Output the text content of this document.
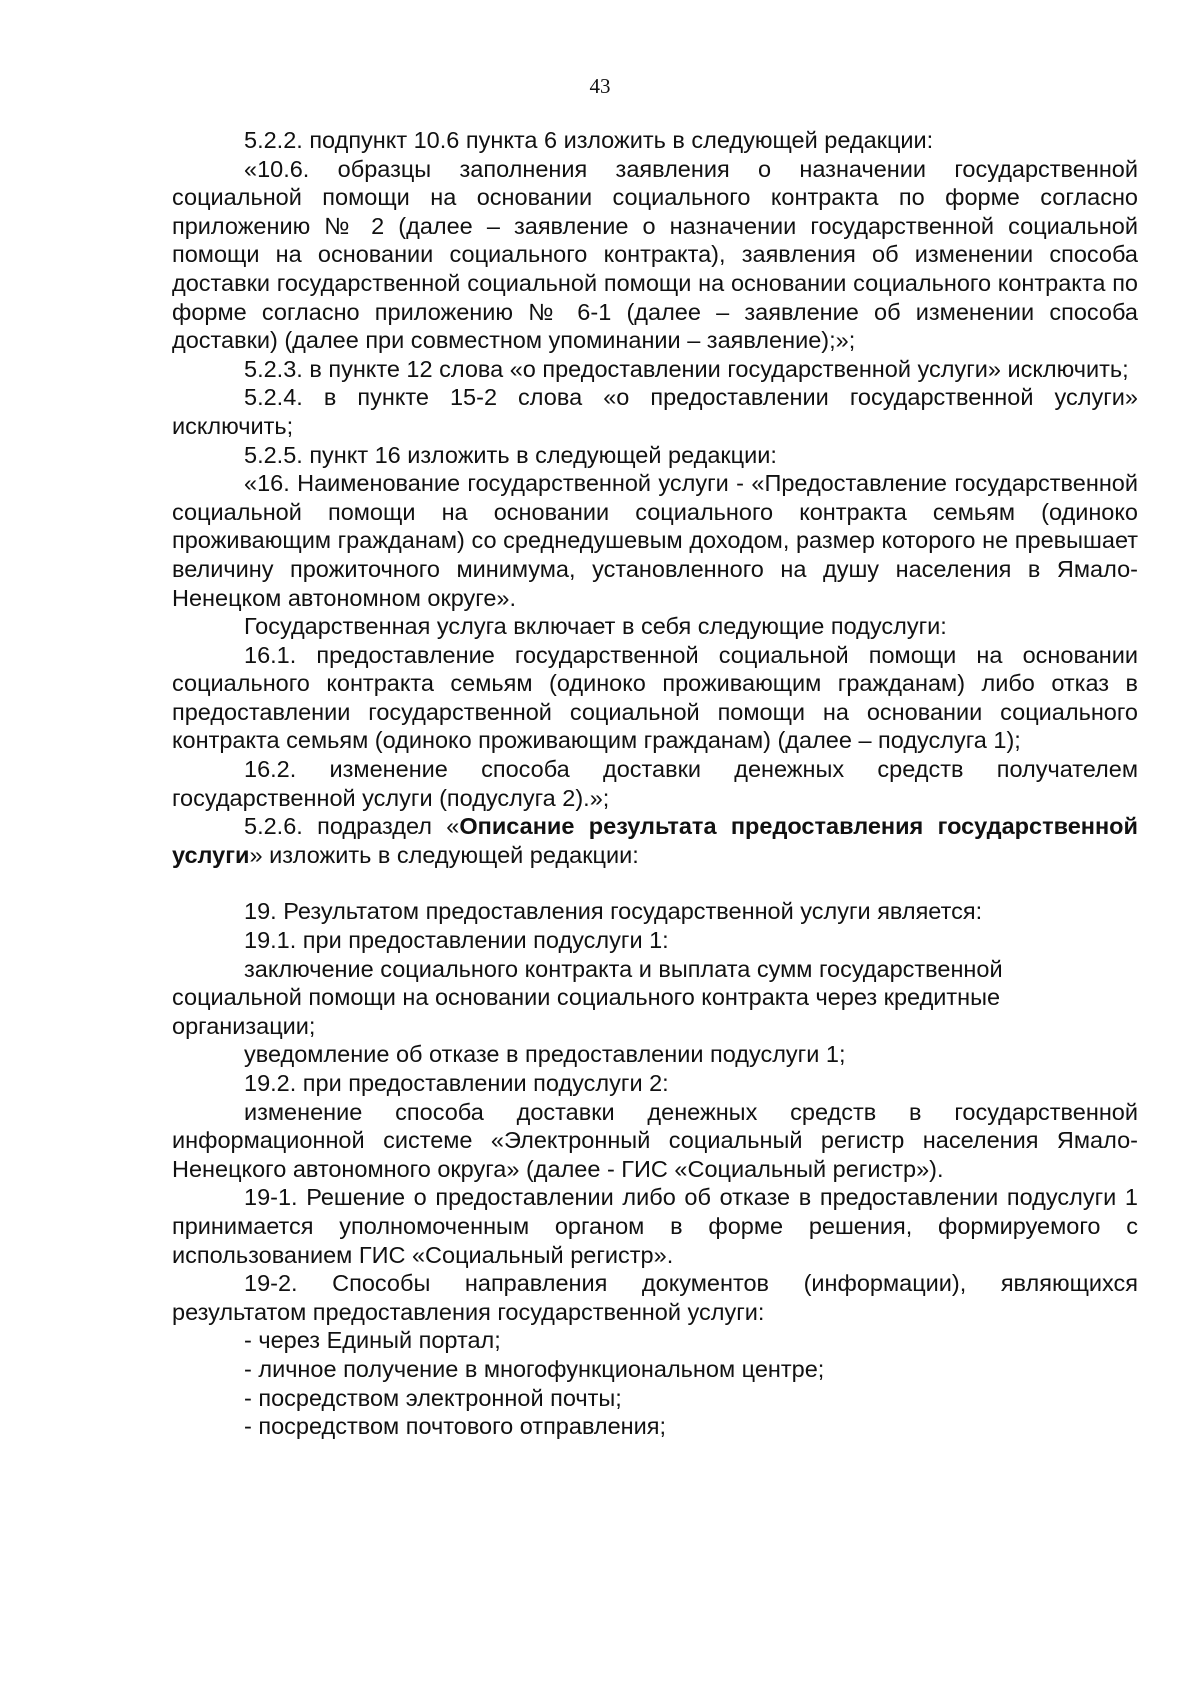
43

5.2.2. подпункт 10.6 пункта 6 изложить в следующей редакции:

«10.6. образцы заполнения заявления о назначении государственной социальной помощи на основании социального контракта по форме согласно приложению № 2 (далее – заявление о назначении государственной социальной помощи на основании социального контракта), заявления об изменении способа доставки государственной социальной помощи на основании социального контракта по форме согласно приложению № 6-1 (далее – заявление об изменении способа доставки) (далее при совместном упоминании – заявление);»;

5.2.3. в пункте 12 слова «о предоставлении государственной услуги» исключить;

5.2.4. в пункте 15-2 слова «о предоставлении государственной услуги» исключить;

5.2.5. пункт 16 изложить в следующей редакции:

«16. Наименование государственной услуги - «Предоставление государственной социальной помощи на основании социального контракта семьям (одиноко проживающим гражданам) со среднедушевым доходом, размер которого не превышает величину прожиточного минимума, установленного на душу населения в Ямало-Ненецком автономном округе».

Государственная услуга включает в себя следующие подуслуги:

16.1. предоставление государственной социальной помощи на основании социального контракта семьям (одиноко проживающим гражданам) либо отказ в предоставлении государственной социальной помощи на основании социального контракта семьям (одиноко проживающим гражданам) (далее – подуслуга 1);

16.2. изменение способа доставки денежных средств получателем государственной услуги (подуслуга 2).»;

5.2.6. подраздел «Описание результата предоставления государственной услуги» изложить в следующей редакции:

19. Результатом предоставления государственной услуги является:

19.1. при предоставлении подуслуги 1:

заключение социального контракта и выплата сумм государственной социальной помощи на основании социального контракта через кредитные организации;

уведомление об отказе в предоставлении подуслуги 1;

19.2. при предоставлении подуслуги 2:

изменение способа доставки денежных средств в государственной информационной системе «Электронный социальный регистр населения Ямало-Ненецкого автономного округа» (далее - ГИС «Социальный регистр»).

19-1. Решение о предоставлении либо об отказе в предоставлении подуслуги 1 принимается уполномоченным органом в форме решения, формируемого с использованием ГИС «Социальный регистр».

19-2. Способы направления документов (информации), являющихся результатом предоставления государственной услуги:

- через Единый портал;

- личное получение в многофункциональном центре;

- посредством электронной почты;

- посредством почтового отправления;
